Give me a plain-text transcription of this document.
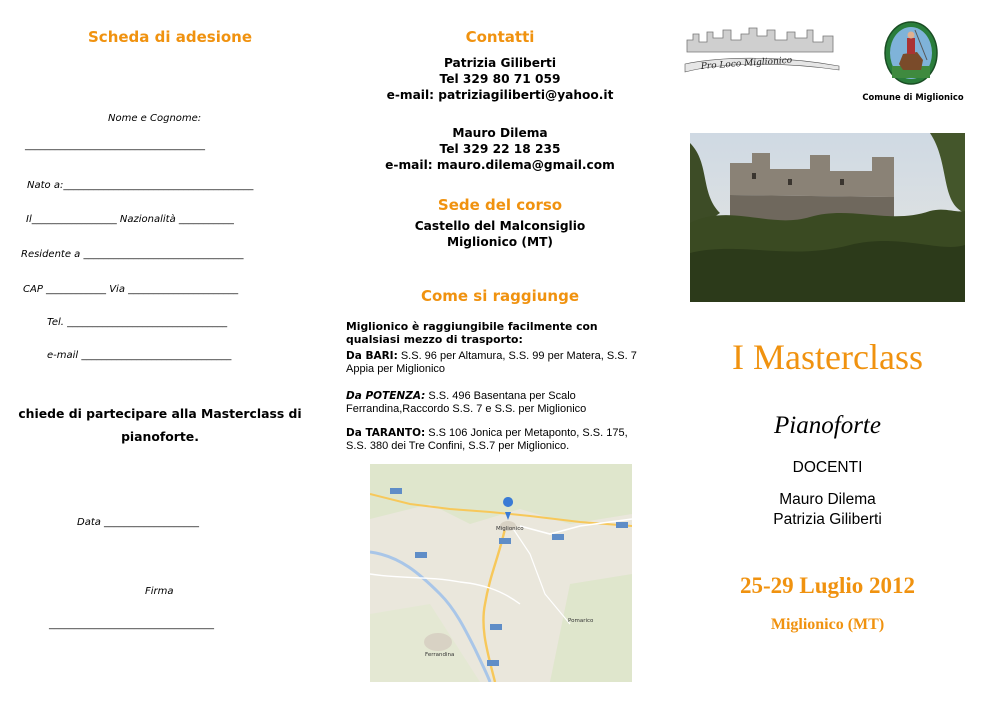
Scheda di adesione
Nome e Cognome:
____________________________________
Nato a:______________________________________
Il_________________ Nazionalità ___________
Residente a ________________________________
CAP ____________ Via ______________________
Tel. ________________________________
e-mail ______________________________
chiede di partecipare alla Masterclass di pianoforte.
Data ___________________
Firma
_________________________________
Contatti
Patrizia Giliberti
Tel 329 80 71 059
e-mail: patriziagiliberti@yahoo.it
Mauro Dilema
Tel 329 22 18 235
e-mail: mauro.dilema@gmail.com
Sede del corso
Castello del Malconsiglio
Miglionico (MT)
Come si raggiunge
Miglionico è raggiungibile facilmente con qualsiasi mezzo di trasporto:
Da BARI: S.S. 96 per Altamura, S.S. 99 per Matera, S.S. 7 Appia per Miglionico
Da POTENZA: S.S. 496 Basentana per Scalo Ferrandina,Raccordo S.S. 7 e S.S. per Miglionico
Da TARANTO: S.S 106 Jonica per Metaponto, S.S. 175, S.S. 380 dei Tre Confini, S.S.7 per Miglionico.
Miglionico
Ferrandina
Pomarico
Pro Loco Miglionico
Comune di Miglionico
I Masterclass
Pianoforte
DOCENTI
Mauro Dilema
Patrizia Giliberti
25-29 Luglio 2012
Miglionico (MT)
